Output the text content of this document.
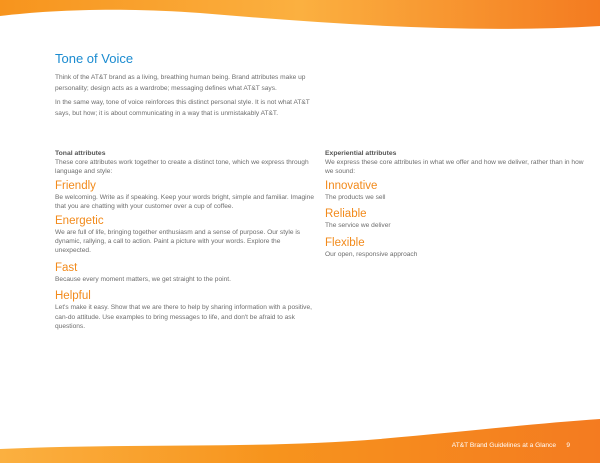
Tone of Voice

Think of the AT&T brand as a living, breathing human being. Brand attributes make up personality; design acts as a wardrobe; messaging defines what AT&T says.

In the same way, tone of voice reinforces this distinct personal style. It is not what AT&T says, but how; it is about communicating in a way that is unmistakably AT&T.

Tonal attributes
These core attributes work together to create a distinct tone, which we express through language and style:
Friendly
Be welcoming. Write as if speaking. Keep your words bright, simple and familiar. Imagine that you are chatting with your customer over a cup of coffee.
Energetic
We are full of life, bringing together enthusiasm and a sense of purpose. Our style is dynamic, rallying, a call to action. Paint a picture with your words. Explore the unexpected.
Fast
Because every moment matters, we get straight to the point.
Helpful
Let's make it easy. Show that we are there to help by sharing information with a positive, can-do attitude. Use examples to bring messages to life, and don't be afraid to ask questions.
Experiential attributes
We express these core attributes in what we offer and how we deliver, rather than in how we sound:
Innovative
The products we sell
Reliable
The service we deliver
Flexible
Our open, responsive approach
AT&T Brand Guidelines at a Glance 9
